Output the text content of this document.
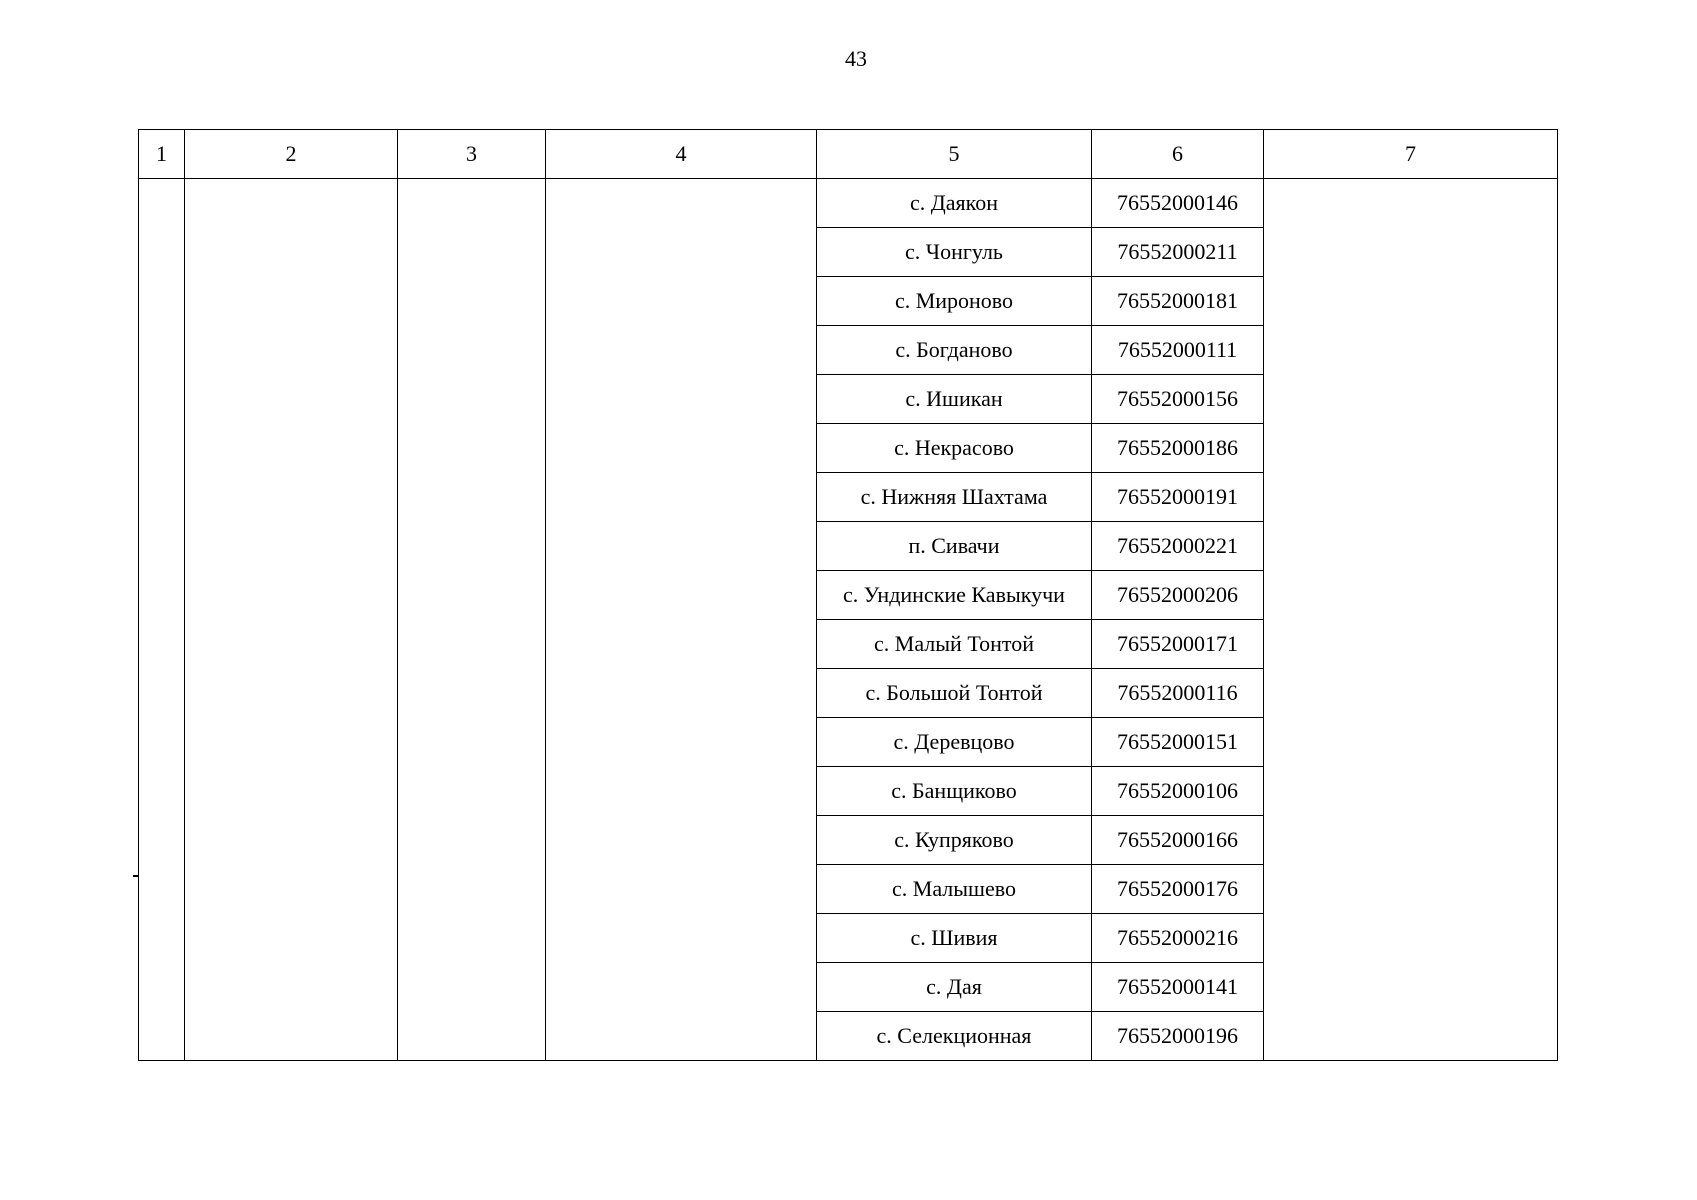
43
1	2	3	4	5	6	7
				с. Даякон	76552000146	
				с. Чонгуль	76552000211	
				с. Мироново	76552000181	
				с. Богданово	76552000111	
				с. Ишикан	76552000156	
				с. Некрасово	76552000186	
				с. Нижняя Шахтама	76552000191	
				п. Сивачи	76552000221	
				с. Ундинские Кавыкучи	76552000206	
				с. Малый Тонтой	76552000171	
				с. Большой Тонтой	76552000116	
				с. Деревцово	76552000151	
				с. Банщиково	76552000106	
				с. Купряково	76552000166	
				с. Малышево	76552000176	
				с. Шивия	76552000216	
				с. Дая	76552000141	
				с. Селекционная	76552000196	
